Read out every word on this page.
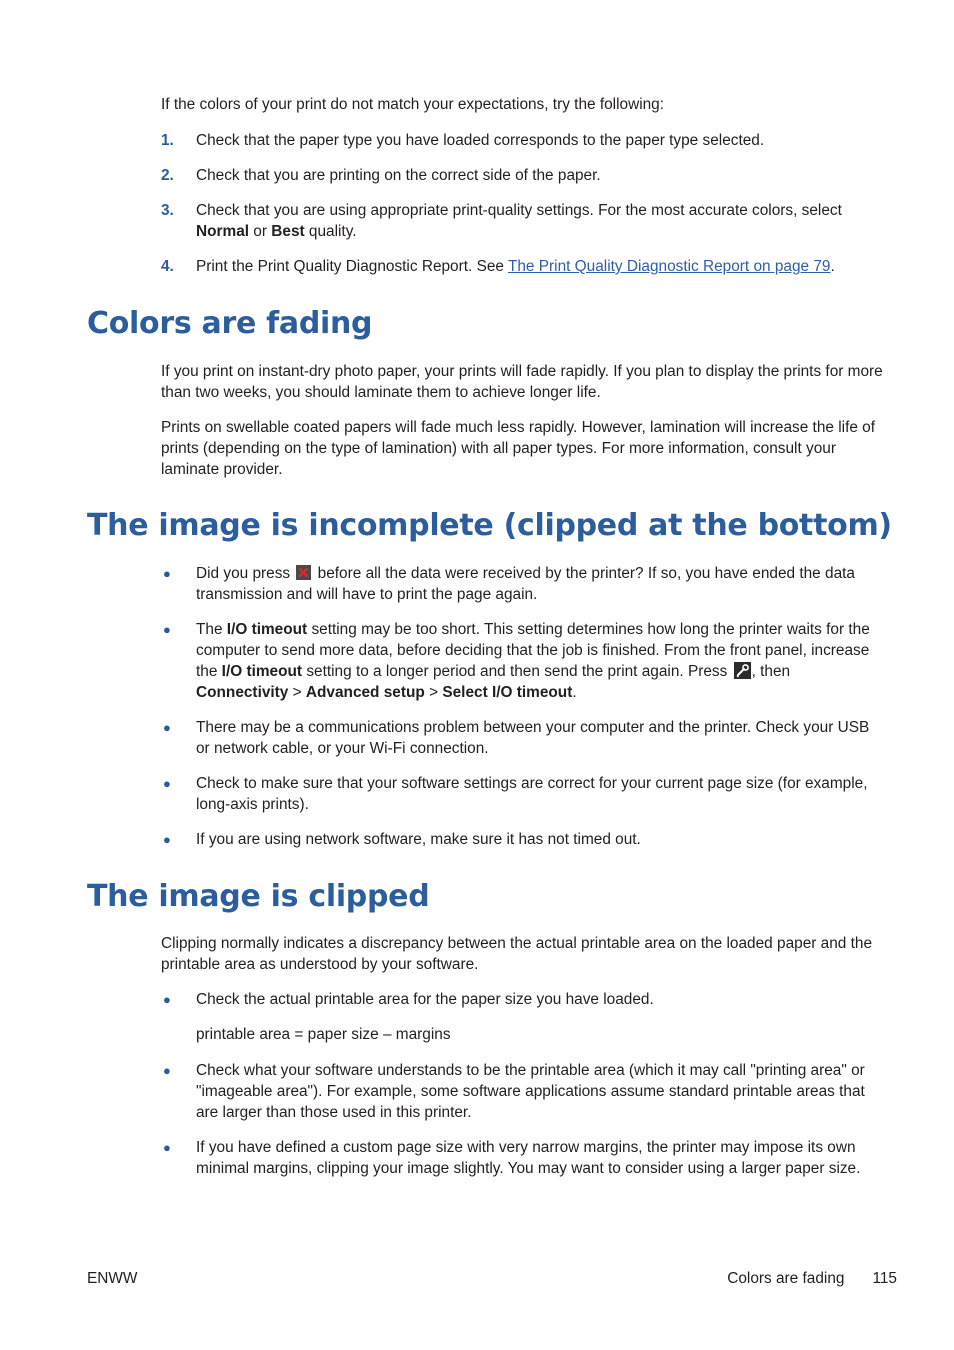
If the colors of your print do not match your expectations, try the following:

1.	Check that the paper type you have loaded corresponds to the paper type selected.

2.	Check that you are printing on the correct side of the paper.

3.	Check that you are using appropriate print-quality settings. For the most accurate colors, select Normal or Best quality.

4.	Print the Print Quality Diagnostic Report. See The Print Quality Diagnostic Report on page 79.

Colors are fading

If you print on instant-dry photo paper, your prints will fade rapidly. If you plan to display the prints for more than two weeks, you should laminate them to achieve longer life.

Prints on swellable coated papers will fade much less rapidly. However, lamination will increase the life of prints (depending on the type of lamination) with all paper types. For more information, consult your laminate provider.

The image is incomplete (clipped at the bottom)
●	Did you press
before all the data were received by the printer? If so, you have ended the data transmission and will have to print the page again.

●	The I/O timeout setting may be too short. This setting determines how long the printer waits for the computer to send more data, before deciding that the job is finished. From the front panel, increase the I/O timeout setting to a longer period and then send the print again. Press
, then Connectivity > Advanced setup > Select I/O timeout.

●	There may be a communications problem between your computer and the printer. Check your USB or network cable, or your Wi-Fi connection.

●	Check to make sure that your software settings are correct for your current page size (for example, long-axis prints).

●	If you are using network software, make sure it has not timed out.

The image is clipped

Clipping normally indicates a discrepancy between the actual printable area on the loaded paper and the printable area as understood by your software.

●	Check the actual printable area for the paper size you have loaded.

printable area = paper size – margins

●	Check what your software understands to be the printable area (which it may call "printing area" or "imageable area"). For example, some software applications assume standard printable areas that are larger than those used in this printer.

●	If you have defined a custom page size with very narrow margins, the printer may impose its own minimal margins, clipping your image slightly. You may want to consider using a larger paper size.

ENWW	Colors are fading 115
